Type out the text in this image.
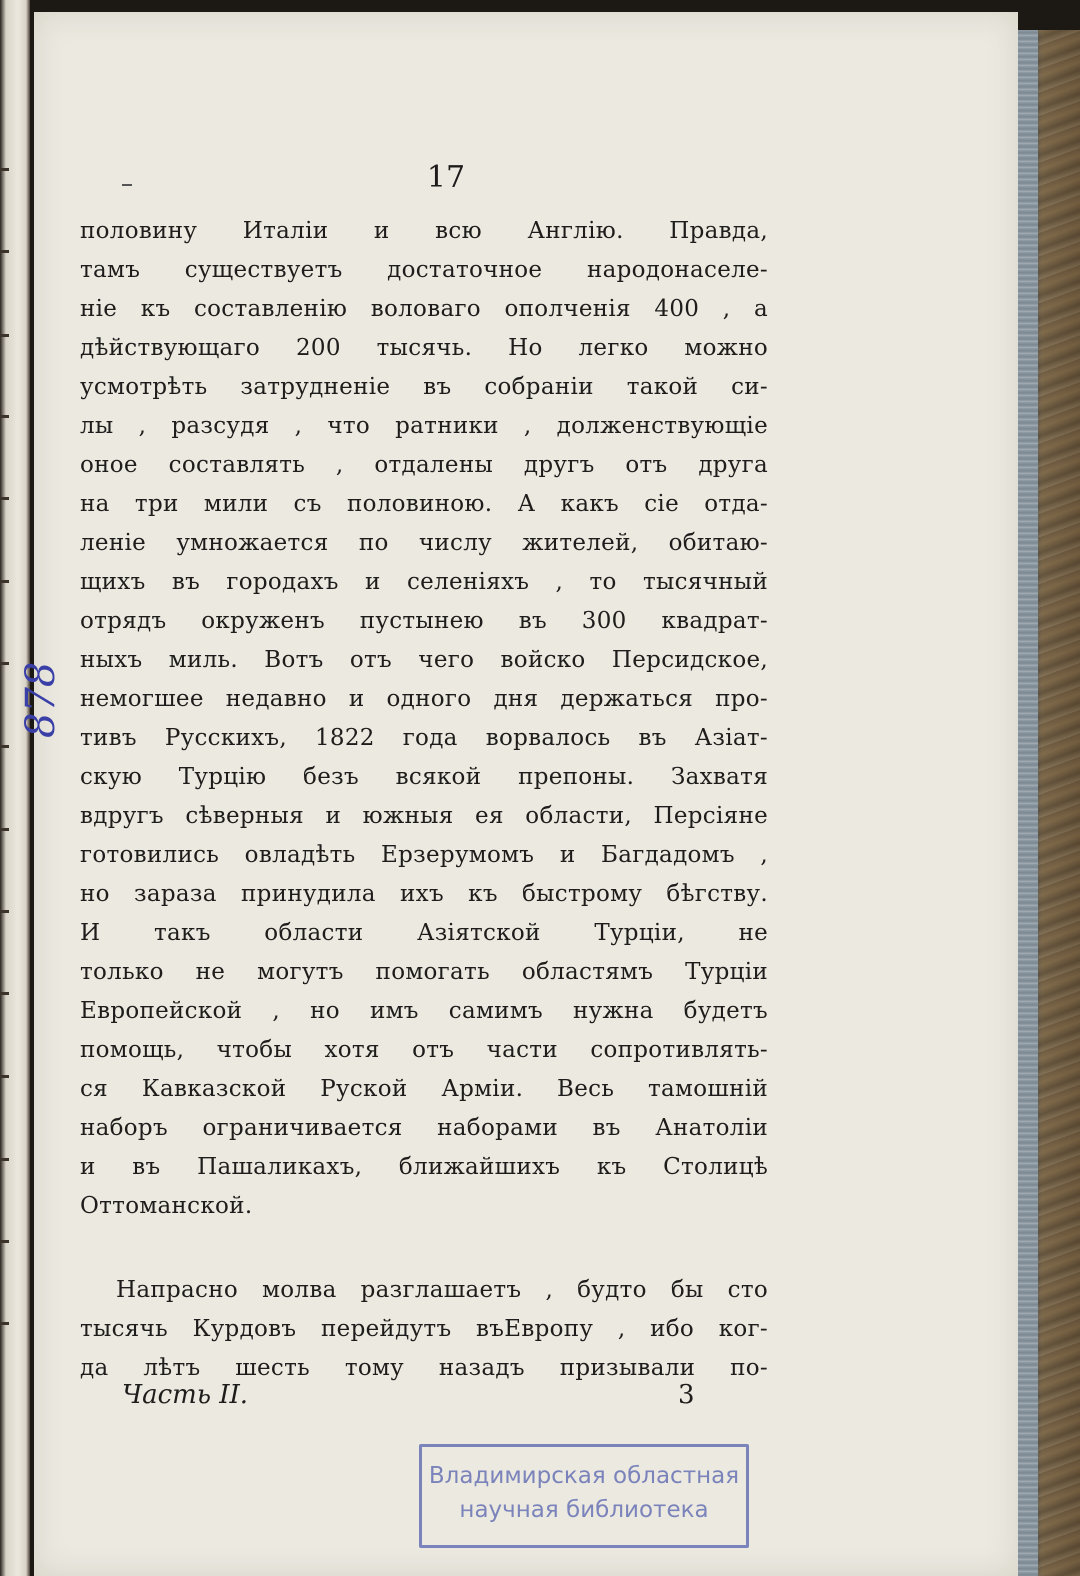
17
половину Италіи и всю Англію. Правда,
тамъ существуетъ достаточное народонаселе-
ніе къ составленію воловаго ополченія 400 , а
дѣйствующаго 200 тысячь. Но легко можно
усмотрѣть затрудненіе въ собраніи такой си-
лы , разсудя , что ратники , долженствующіе
оное составлять , отдалены другъ отъ друга
на три мили съ половиною. А какъ сіе отда-
леніе умножается по числу жителей, обитаю-
щихъ въ городахъ и селеніяхъ , то тысячный
отрядъ окруженъ пустынею въ 300 квадрат-
ныхъ миль. Вотъ отъ чего войско Персидское,
немогшее недавно и одного дня держаться про-
тивъ Русскихъ, 1822 года ворвалось въ Азіат-
скую Турцію безъ всякой препоны. Захватя
вдругъ сѣверныя и южныя ея области, Персіяне
готовились овладѣть Ерзерумомъ и Багдадомъ ,
но зараза принудила ихъ къ быстрому бѣгству.
И такъ области Азіятской Турціи, не
только не могутъ помогать областямъ Турціи
Европейской , но имъ самимъ нужна будетъ
помощь, чтобы хотя отъ части сопротивлять-
ся Кавказской Руской Арміи. Весь тамошній
наборъ ограничивается наборами въ Анатоліи
и въ Пашаликахъ, ближайшихъ къ Столицѣ
Оттоманской.
Напрасно молва разглашаетъ , будто бы сто
тысячь Курдовъ перейдутъ въЕвропу , ибо ког-
да лѣтъ шесть тому назадъ призывали по-
Часть II.	3
878
Владимирская областная
научная библиотека
